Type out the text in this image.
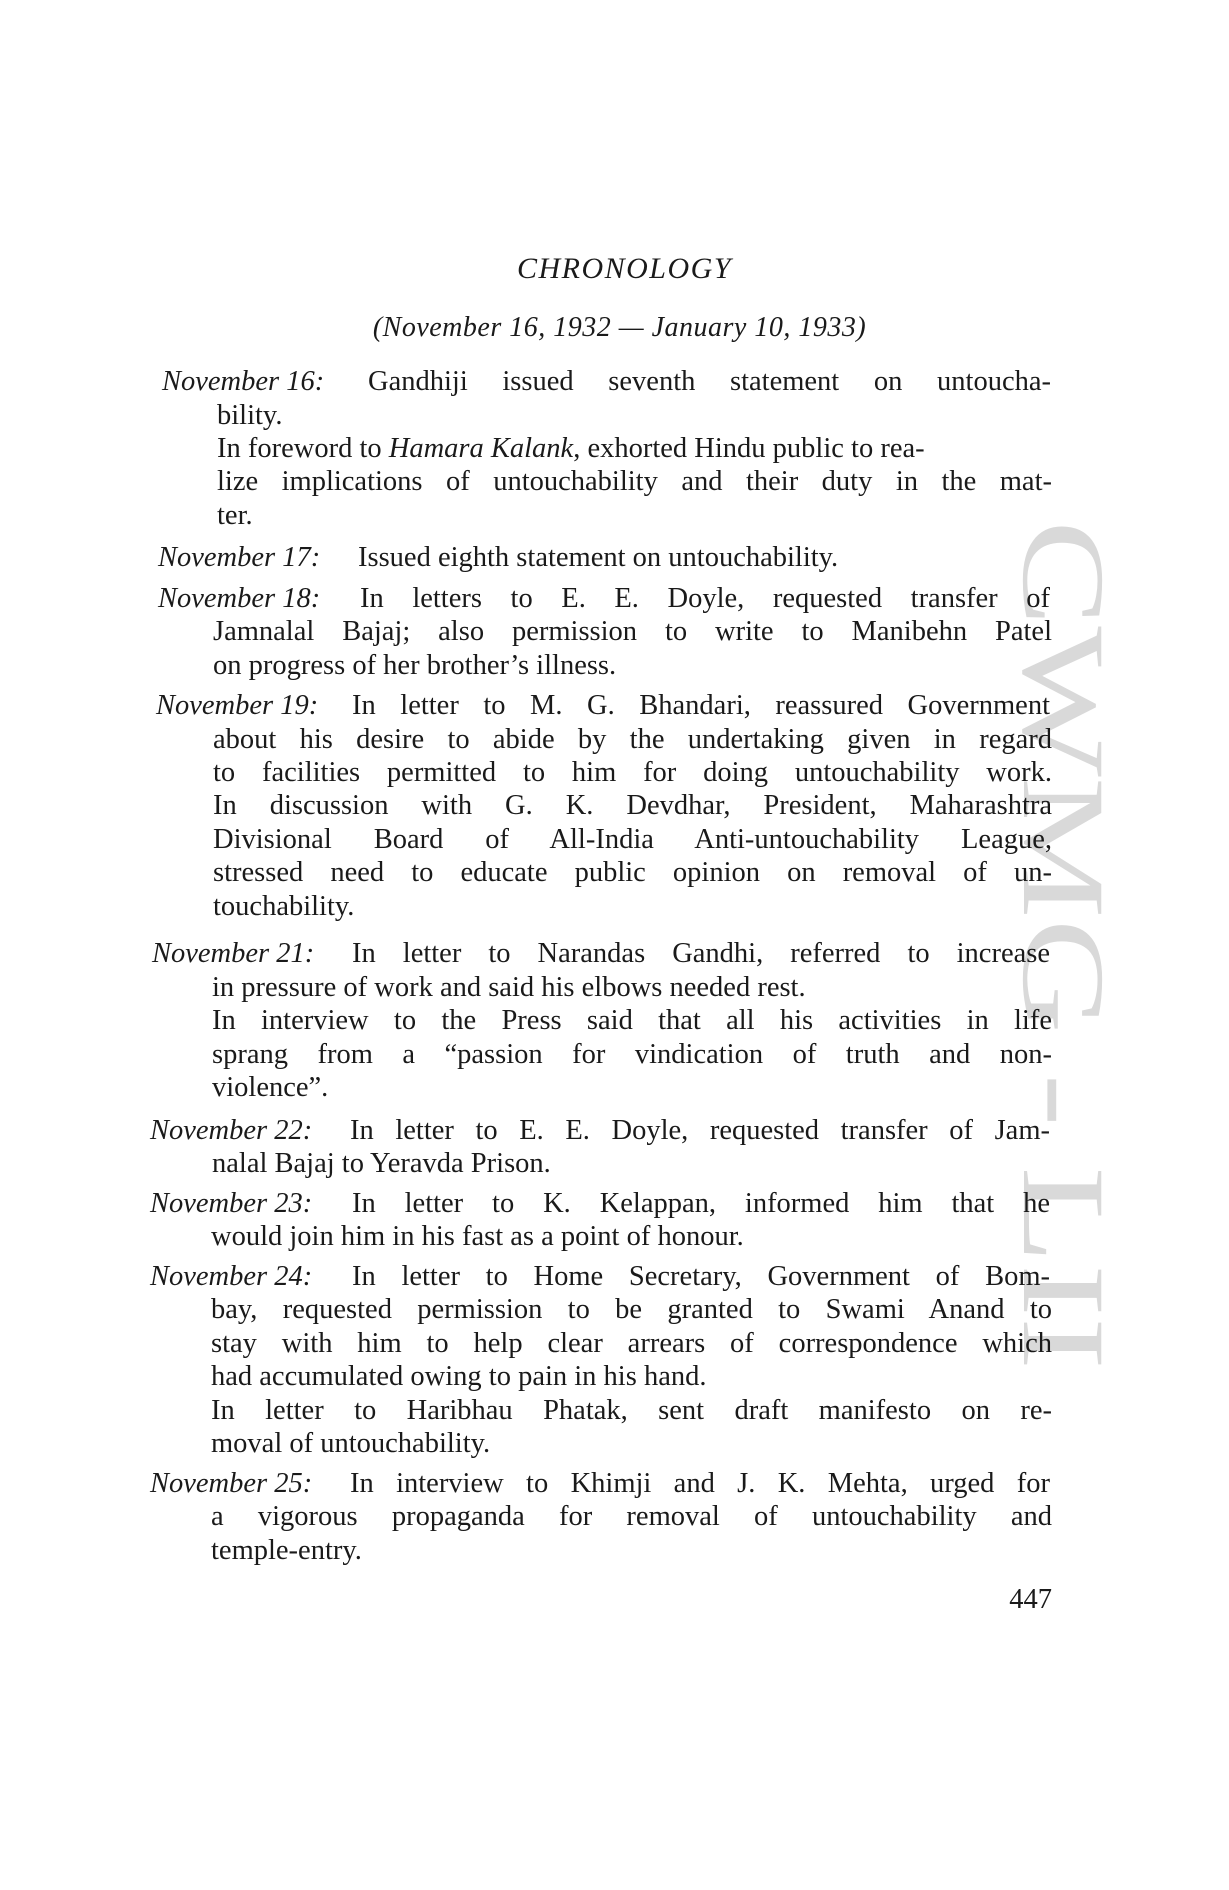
CWMG - LII
CHRONOLOGY
(November 16, 1932 — January 10, 1933)
November 16: Gandhiji issued seventh statement on untoucha-
bility.
In foreword to Hamara Kalank, exhorted Hindu public to rea-
lize implications of untouchability and their duty in the mat-
ter.
November 17: Issued eighth statement on untouchability.
November 18: In letters to E. E. Doyle, requested transfer of
Jamnalal Bajaj; also permission to write to Manibehn Patel
on progress of her brother’s illness.
November 19: In letter to M. G. Bhandari, reassured Government
about his desire to abide by the undertaking given in regard
to facilities permitted to him for doing untouchability work.
In discussion with G. K. Devdhar, President, Maharashtra
Divisional Board of All-India Anti-untouchability League,
stressed need to educate public opinion on removal of un-
touchability.
November 21: In letter to Narandas Gandhi, referred to increase
in pressure of work and said his elbows needed rest.
In interview to the Press said that all his activities in life
sprang from a “passion for vindication of truth and non-
violence”.
November 22: In letter to E. E. Doyle, requested transfer of Jam-
nalal Bajaj to Yeravda Prison.
November 23: In letter to K. Kelappan, informed him that he
would join him in his fast as a point of honour.
November 24: In letter to Home Secretary, Government of Bom-
bay, requested permission to be granted to Swami Anand to
stay with him to help clear arrears of correspondence which
had accumulated owing to pain in his hand.
In letter to Haribhau Phatak, sent draft manifesto on re-
moval of untouchability.
November 25: In interview to Khimji and J. K. Mehta, urged for
a vigorous propaganda for removal of untouchability and
temple-entry.
447
